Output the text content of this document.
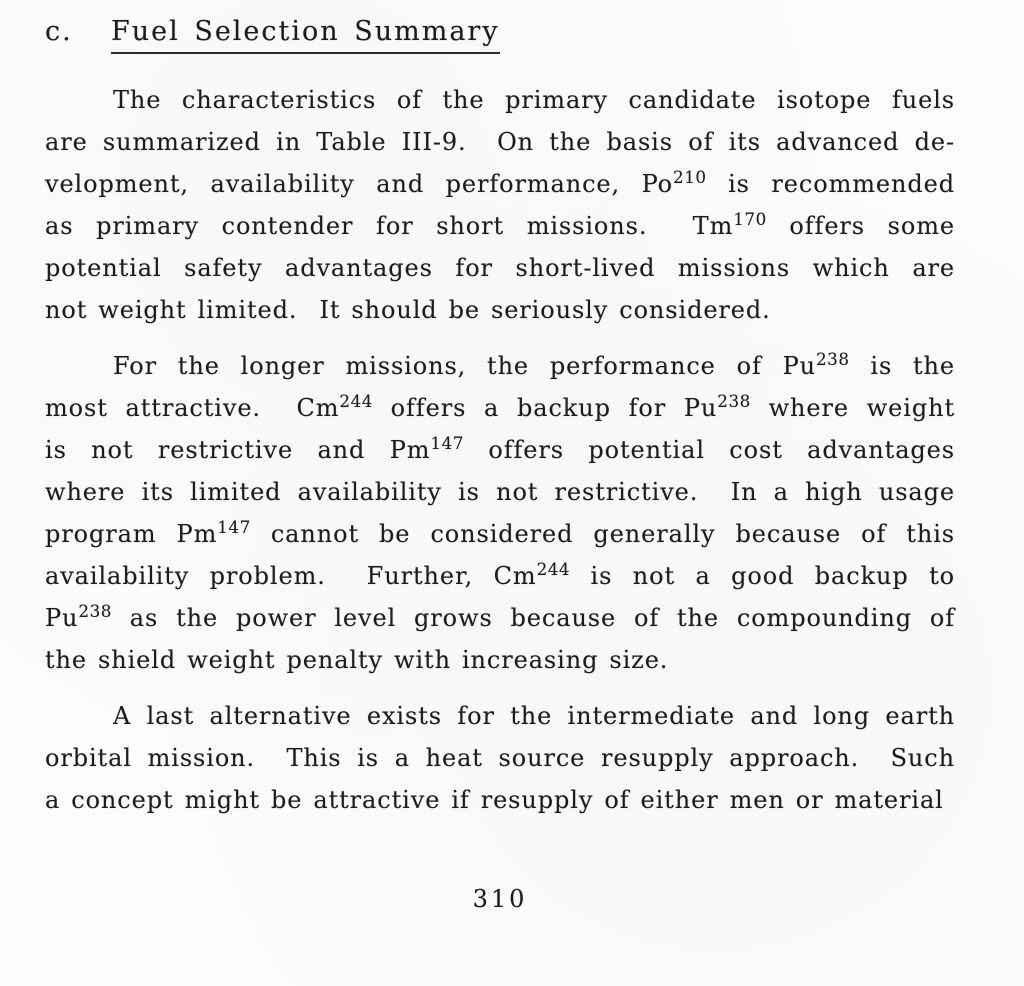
c. Fuel Selection Summary
The characteristics of the primary candidate isotope fuels
are summarized in Table III-9.  On the basis of its advanced de-
velopment, availability and performance, Po$^{210}$ is recommended
as primary contender for short missions.  Tm$^{170}$ offers some
potential safety advantages for short-lived missions which are
not weight limited.  It should be seriously considered.
For the longer missions, the performance of Pu$^{238}$ is the
most attractive.  Cm$^{244}$ offers a backup for Pu$^{238}$ where weight
is not restrictive and Pm$^{147}$ offers potential cost advantages
where its limited availability is not restrictive.  In a high usage
program Pm$^{147}$ cannot be considered generally because of this
availability problem.  Further, Cm$^{244}$ is not a good backup to
Pu$^{238}$ as the power level grows because of the compounding of
the shield weight penalty with increasing size.
A last alternative exists for the intermediate and long earth
orbital mission.  This is a heat source resupply approach.  Such
a concept might be attractive if resupply of either men or material
310
